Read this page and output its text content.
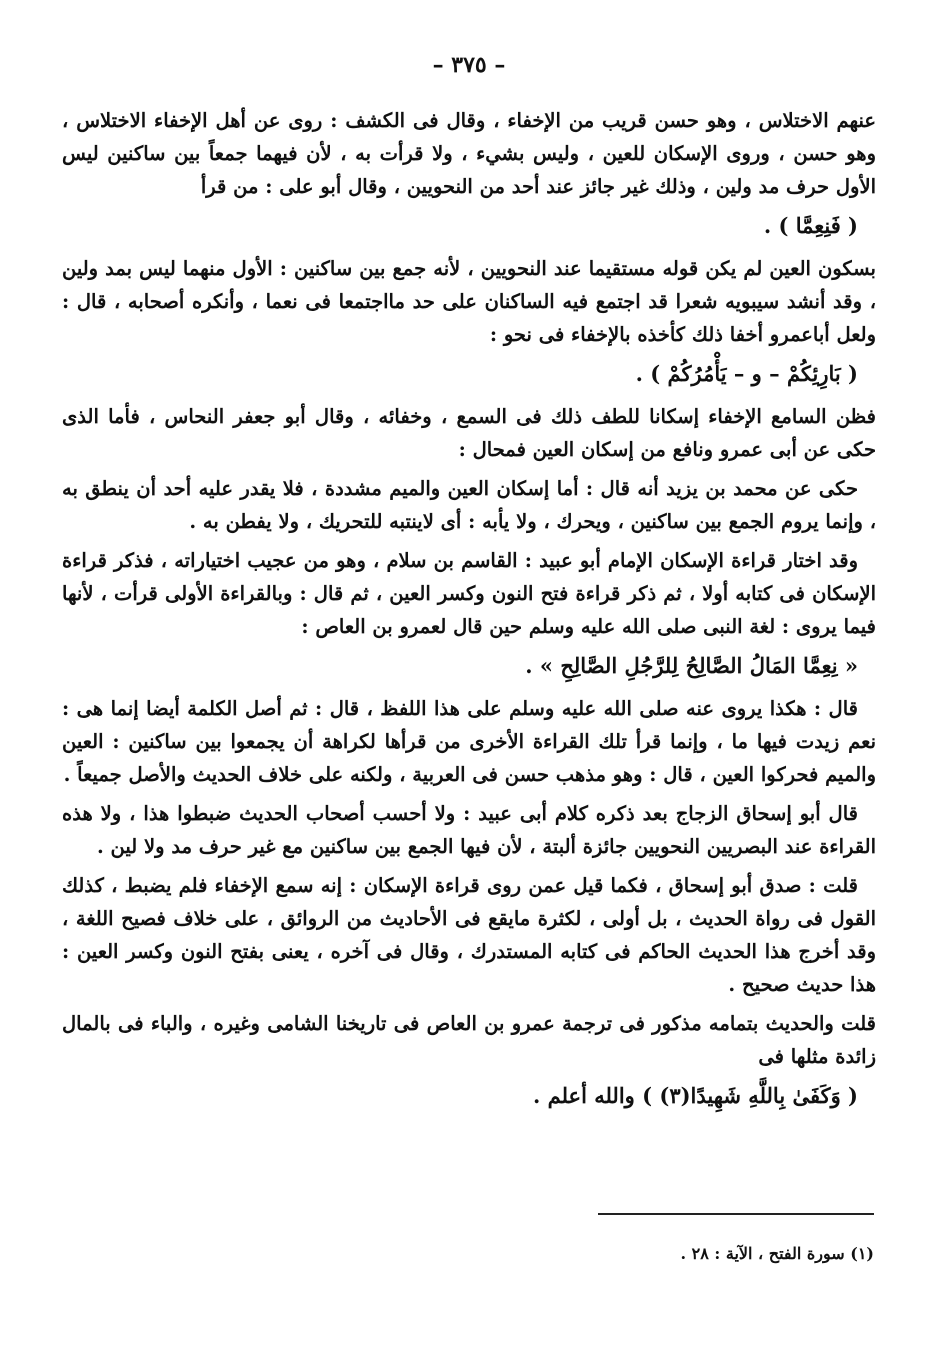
– ٣٧٥ –

عنهم الاختلاس ، وهو حسن قريب من الإخفاء ، وقال فى الكشف : روى عن أهل الإخفاء الاختلاس ، وهو حسن ، وروى الإسكان للعين ، وليس بشيء ، ولا قرأت به ، لأن فيهما جمعاً بين ساكنين ليس الأول حرف مد ولين ، وذلك غير جائز عند أحد من النحويين ، وقال أبو على : من قرأ

( فَنِعِمَّا ) .

بسكون العين لم يكن قوله مستقيما عند النحويين ، لأنه جمع بين ساكنين : الأول منهما ليس بمد ولين ، وقد أنشد سيبويه شعرا قد اجتمع فيه الساكنان على حد مااجتمعا فى نعما ، وأنكره أصحابه ، قال : ولعل أباعمرو أخفا ذلك كأخذه بالإخفاء فى نحو :

( بَارِئِكُمْ – و – يَأْمُرُكُمْ ) .

فظن السامع الإخفاء إسكانا للطف ذلك فى السمع ، وخفائه ، وقال أبو جعفر النحاس ، فأما الذى حكى عن أبى عمرو ونافع من إسكان العين فمحال :

حكى عن محمد بن يزيد أنه قال : أما إسكان العين والميم مشددة ، فلا يقدر عليه أحد أن ينطق به ، وإنما يروم الجمع بين ساكنين ، ويحرك ، ولا يأبه : أى لاينتبه للتحريك ، ولا يفطن به .

وقد اختار قراءة الإسكان الإمام أبو عبيد : القاسم بن سلام ، وهو من عجيب اختياراته ، فذكر قراءة الإسكان فى كتابه أولا ، ثم ذكر قراءة فتح النون وكسر العين ، ثم قال : وبالقراءة الأولى قرأت ، لأنها فيما يروى : لغة النبى صلى الله عليه وسلم حين قال لعمرو بن العاص :

« نِعِمَّا المَالُ الصَّالِحُ لِلرَّجُلِ الصَّالِحِ » .

قال : هكذا يروى عنه صلى الله عليه وسلم على هذا اللفظ ، قال : ثم أصل الكلمة أيضا إنما هى : نعم زيدت فيها ما ، وإنما قرأ تلك القراءة الأخرى من قرأها لكراهة أن يجمعوا بين ساكنين : العين والميم فحركوا العين ، قال : وهو مذهب حسن فى العربية ، ولكنه على خلاف الحديث والأصل جميعاً .

قال أبو إسحاق الزجاج بعد ذكره كلام أبى عبيد : ولا أحسب أصحاب الحديث ضبطوا هذا ، ولا هذه القراءة عند البصريين النحويين جائزة ألبتة ، لأن فيها الجمع بين ساكنين مع غير حرف مد ولا لين .

قلت : صدق أبو إسحاق ، فكما قيل عمن روى قراءة الإسكان : إنه سمع الإخفاء فلم يضبط ، كذلك القول فى رواة الحديث ، بل أولى ، لكثرة مايقع فى الأحاديث من الروائق ، على خلاف فصيح اللغة ، وقد أخرج هذا الحديث الحاكم فى كتابه المستدرك ، وقال فى آخره ، يعنى بفتح النون وكسر العين : هذا حديث صحيح .

قلت والحديث بتمامه مذكور فى ترجمة عمرو بن العاص فى تاريخنا الشامى وغيره ، والباء فى بالمال زائدة مثلها فى

( وَكَفَىٰ بِاللَّهِ شَهِيدًا(٣) ) والله أعلم .

(١) سورة الفتح ، الآية : ٢٨ .
